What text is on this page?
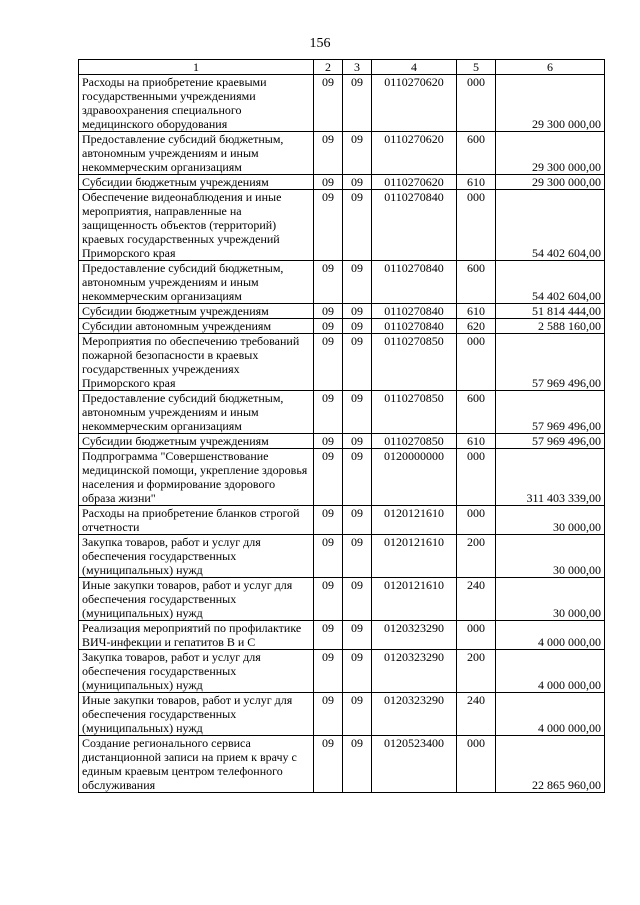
156
1	2	3	4	5	6
Расходы на приобретение краевыми государственными учреждениями здравоохранения специального медицинского оборудования	09	09	0110270620	000	29 300 000,00
Предоставление субсидий бюджетным, автономным учреждениям и иным некоммерческим организациям	09	09	0110270620	600	29 300 000,00
Субсидии бюджетным учреждениям	09	09	0110270620	610	29 300 000,00
Обеспечение видеонаблюдения и иные мероприятия, направленные на защищенность объектов (территорий) краевых государственных учреждений Приморского края	09	09	0110270840	000	54 402 604,00
Предоставление субсидий бюджетным, автономным учреждениям и иным некоммерческим организациям	09	09	0110270840	600	54 402 604,00
Субсидии бюджетным учреждениям	09	09	0110270840	610	51 814 444,00
Субсидии автономным учреждениям	09	09	0110270840	620	2 588 160,00
Мероприятия по обеспечению требований пожарной безопасности в краевых государственных учреждениях Приморского края	09	09	0110270850	000	57 969 496,00
Предоставление субсидий бюджетным, автономным учреждениям и иным некоммерческим организациям	09	09	0110270850	600	57 969 496,00
Субсидии бюджетным учреждениям	09	09	0110270850	610	57 969 496,00
Подпрограмма "Совершенствование медицинской помощи, укрепление здоровья населения и формирование здорового образа жизни"	09	09	0120000000	000	311 403 339,00
Расходы на приобретение бланков строгой отчетности	09	09	0120121610	000	30 000,00
Закупка товаров, работ и услуг для обеспечения государственных (муниципальных) нужд	09	09	0120121610	200	30 000,00
Иные закупки товаров, работ и услуг для обеспечения государственных (муниципальных) нужд	09	09	0120121610	240	30 000,00
Реализация мероприятий по профилактике ВИЧ-инфекции и гепатитов В и С	09	09	0120323290	000	4 000 000,00
Закупка товаров, работ и услуг для обеспечения государственных (муниципальных) нужд	09	09	0120323290	200	4 000 000,00
Иные закупки товаров, работ и услуг для обеспечения государственных (муниципальных) нужд	09	09	0120323290	240	4 000 000,00
Создание регионального сервиса дистанционной записи на прием к врачу с единым краевым центром телефонного обслуживания	09	09	0120523400	000	22 865 960,00
